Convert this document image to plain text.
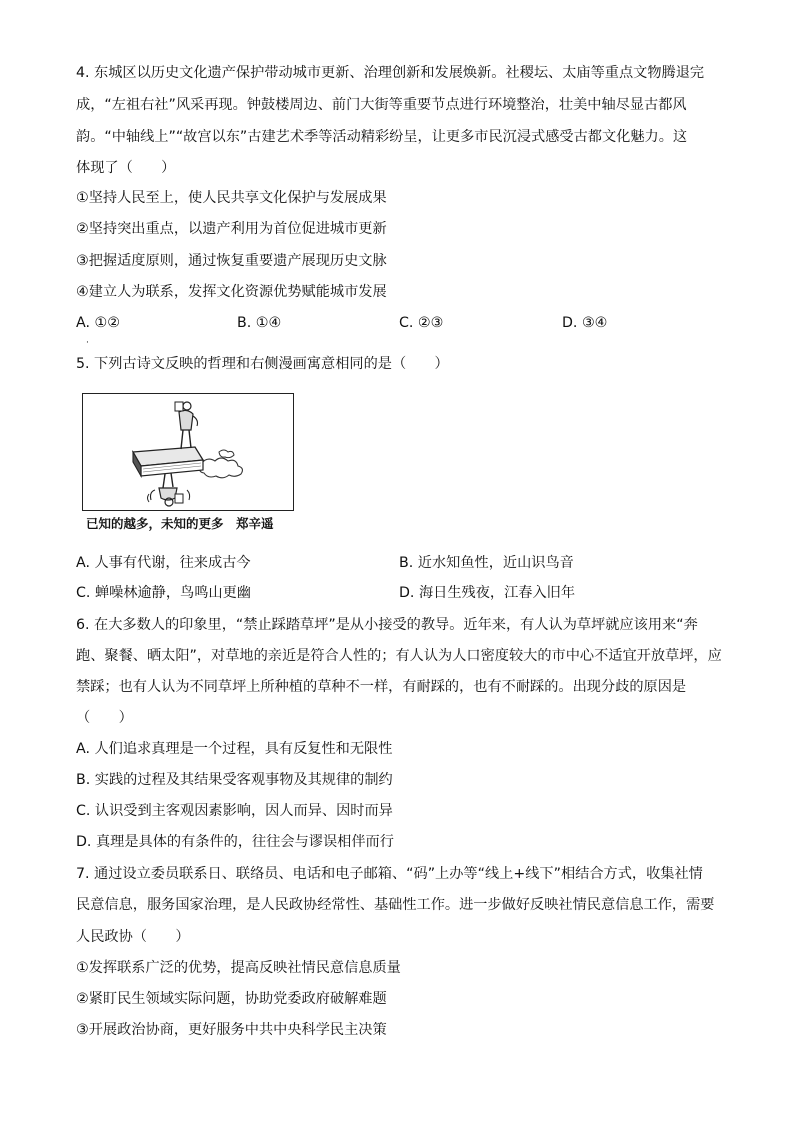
4. 东城区以历史文化遗产保护带动城市更新、治理创新和发展焕新。社稷坛、太庙等重点文物腾退完
成，“左祖右社”风采再现。钟鼓楼周边、前门大街等重要节点进行环境整治，壮美中轴尽显古都风
韵。“中轴线上”“故宫以东”古建艺术季等活动精彩纷呈，让更多市民沉浸式感受古都文化魅力。这
体现了（　　）
①坚持人民至上，使人民共享文化保护与发展成果
②坚持突出重点，以遗产利用为首位促进城市更新
③把握适度原则，通过恢复重要遗产展现历史文脉
④建立人为联系，发挥文化资源优势赋能城市发展
A. ①②	B. ①④	C. ②③	D. ③④
·
5. 下列古诗文反映的哲理和右侧漫画寓意相同的是（　　）
已知的越多，未知的更多　郑辛遥
A. 人事有代谢，往来成古今	B. 近水知鱼性，近山识鸟音
C. 蝉噪林逾静，鸟鸣山更幽	D. 海日生残夜，江春入旧年
6. 在大多数人的印象里，“禁止踩踏草坪”是从小接受的教导。近年来，有人认为草坪就应该用来“奔
跑、聚餐、晒太阳”，对草地的亲近是符合人性的；有人认为人口密度较大的市中心不适宜开放草坪，应
禁踩；也有人认为不同草坪上所种植的草种不一样，有耐踩的，也有不耐踩的。出现分歧的原因是
（　　）
A. 人们追求真理是一个过程，具有反复性和无限性
B. 实践的过程及其结果受客观事物及其规律的制约
C. 认识受到主客观因素影响，因人而异、因时而异
D. 真理是具体的有条件的，往往会与谬误相伴而行
7. 通过设立委员联系日、联络员、电话和电子邮箱、“码”上办等“线上+线下”相结合方式，收集社情
民意信息，服务国家治理，是人民政协经常性、基础性工作。进一步做好反映社情民意信息工作，需要
人民政协（　　）
①发挥联系广泛的优势，提高反映社情民意信息质量
②紧盯民生领域实际问题，协助党委政府破解难题
③开展政治协商，更好服务中共中央科学民主决策
